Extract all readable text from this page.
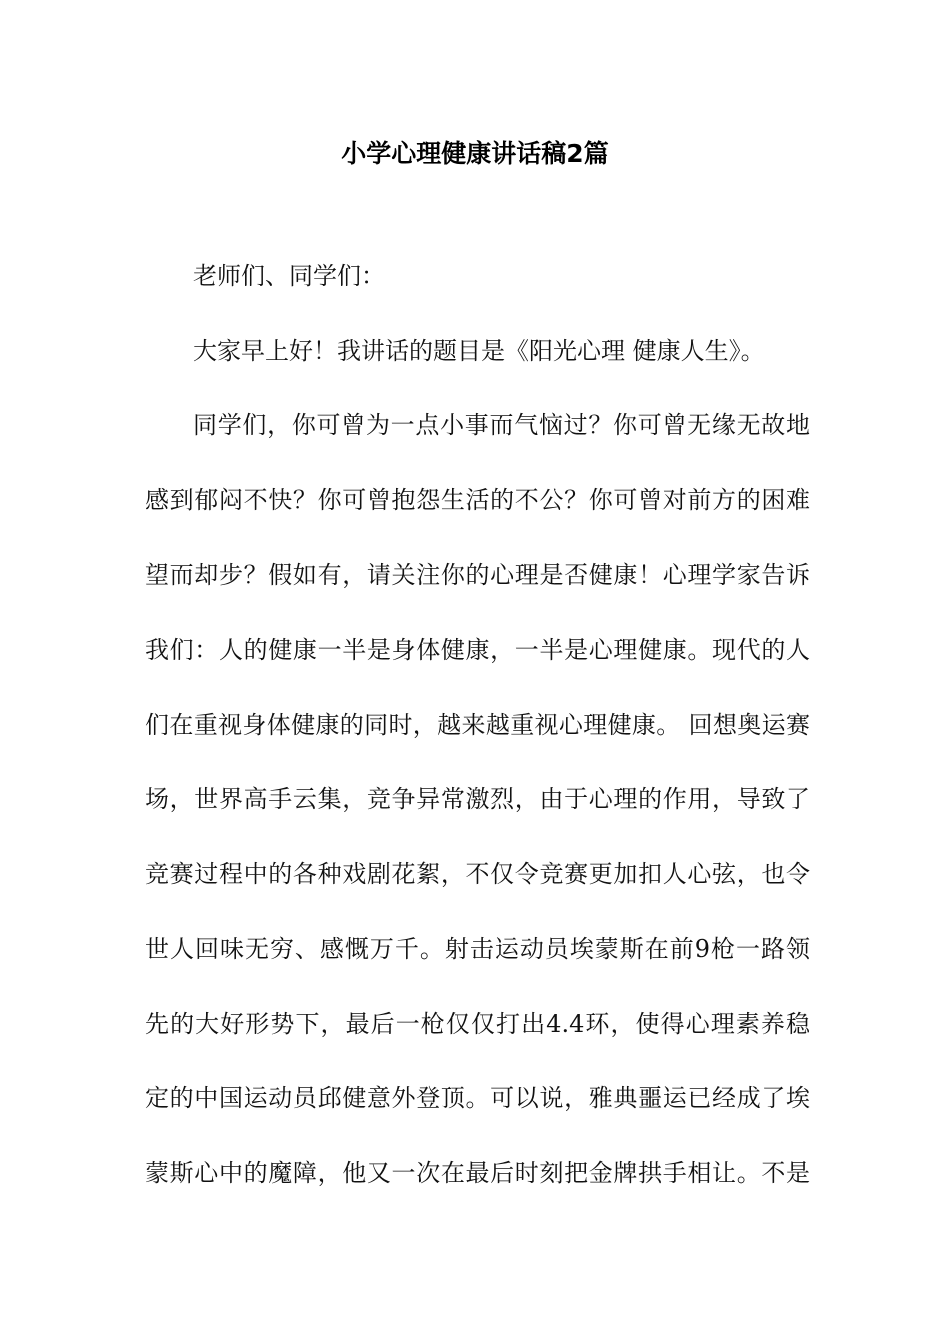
小学心理健康讲话稿2篇
老师们、同学们：
大家早上好！我讲话的题目是《阳光心理 健康人生》。
同学们，你可曾为一点小事而气恼过？你可曾无缘无故地
感到郁闷不快？你可曾抱怨生活的不公？你可曾对前方的困难
望而却步？假如有，请关注你的心理是否健康！心理学家告诉
我们：人的健康一半是身体健康，一半是心理健康。现代的人
们在重视身体健康的同时，越来越重视心理健康。 回想奥运赛
场，世界高手云集，竞争异常激烈，由于心理的作用，导致了
竞赛过程中的各种戏剧花絮，不仅令竞赛更加扣人心弦，也令
世人回味无穷、感慨万千。射击运动员埃蒙斯在前9枪一路领
先的大好形势下，最后一枪仅仅打出4.4环，使得心理素养稳
定的中国运动员邱健意外登顶。可以说，雅典噩运已经成了埃
蒙斯心中的魔障，他又一次在最后时刻把金牌拱手相让。不是
